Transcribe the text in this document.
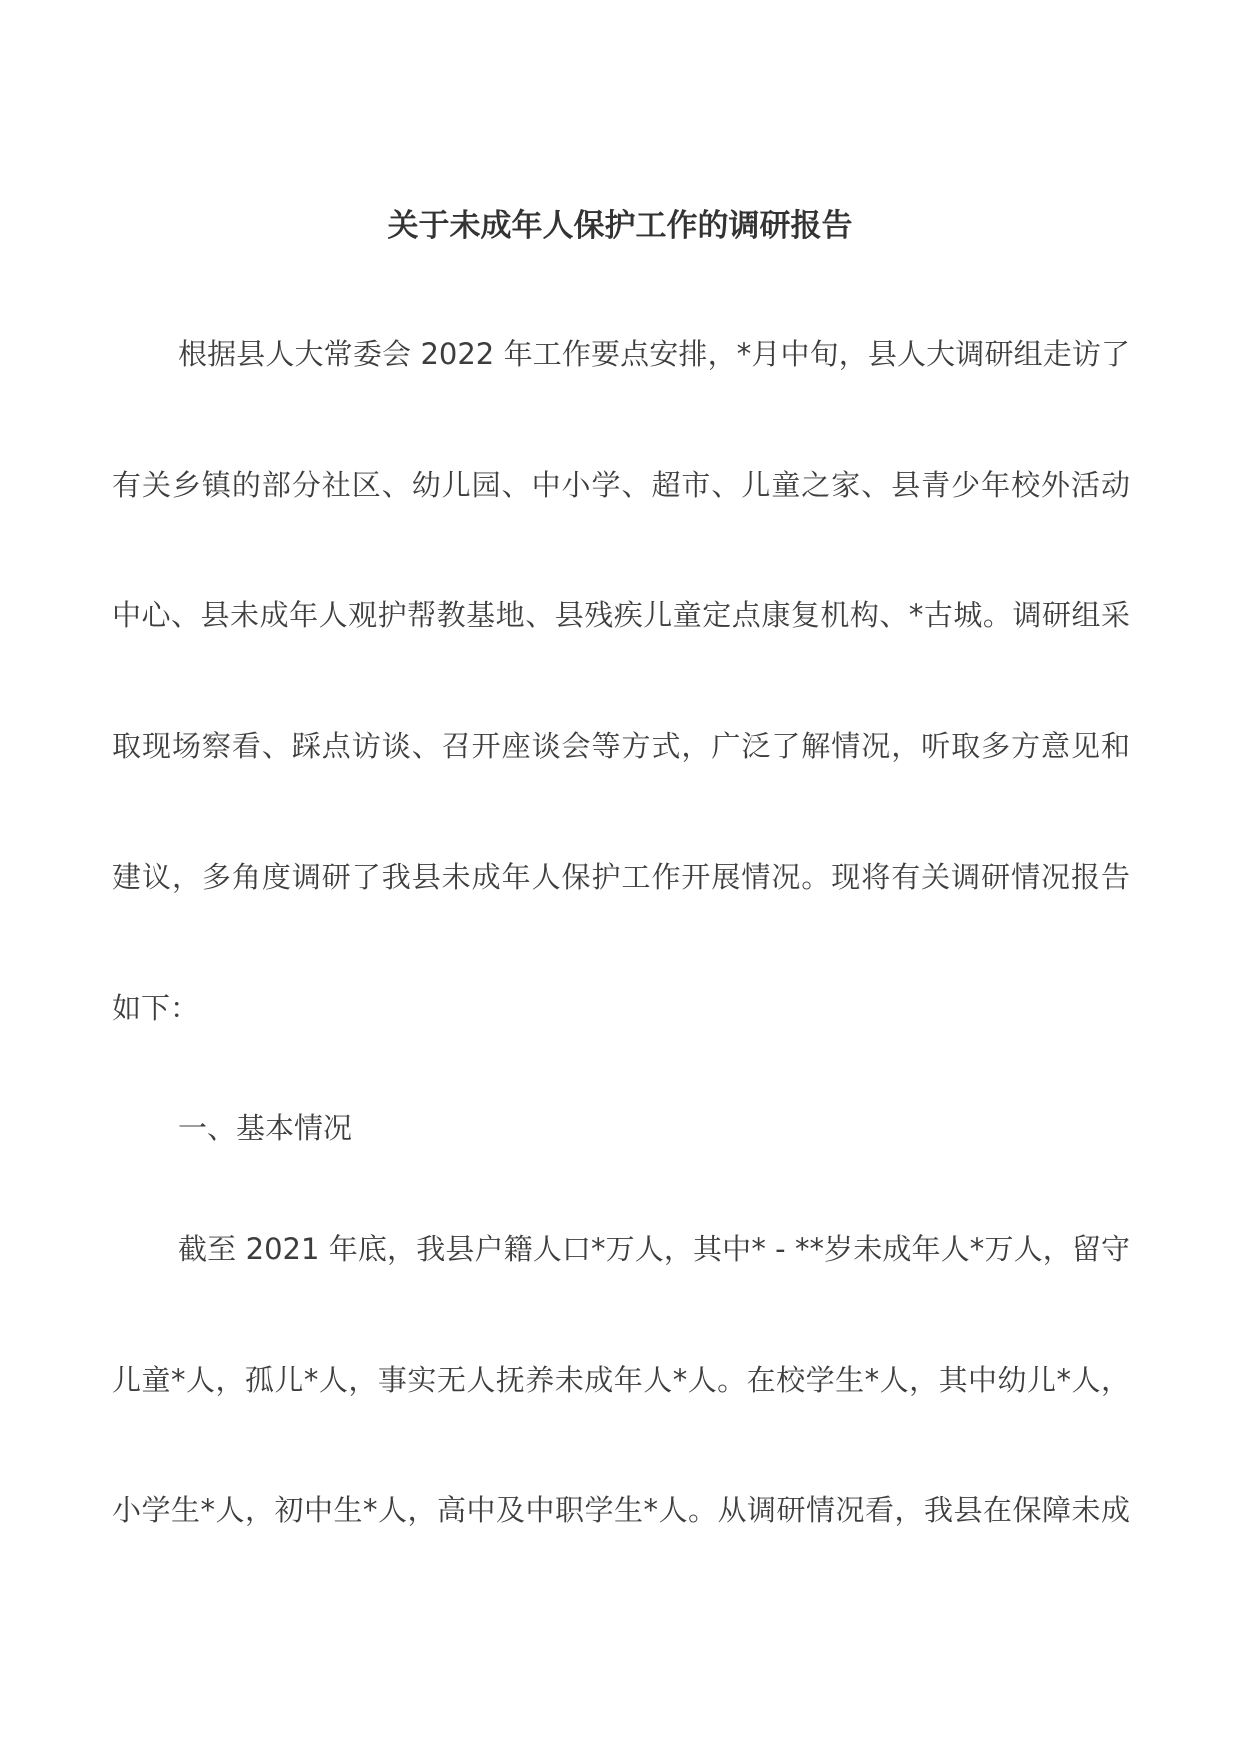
关于未成年人保护工作的调研报告
根据县人大常委会 2022 年工作要点安排，*月中旬，县人大调研组走访了
有关乡镇的部分社区、幼儿园、中小学、超市、儿童之家、县青少年校外活动
中心、县未成年人观护帮教基地、县残疾儿童定点康复机构、*古城。调研组采
取现场察看、踩点访谈、召开座谈会等方式，广泛了解情况，听取多方意见和
建议，多角度调研了我县未成年人保护工作开展情况。现将有关调研情况报告
如下：
一、基本情况
截至 2021 年底，我县户籍人口*万人，其中* - **岁未成年人*万人，留守
儿童*人，孤儿*人，事实无人抚养未成年人*人。在校学生*人，其中幼儿*人，
小学生*人，初中生*人，高中及中职学生*人。从调研情况看，我县在保障未成
